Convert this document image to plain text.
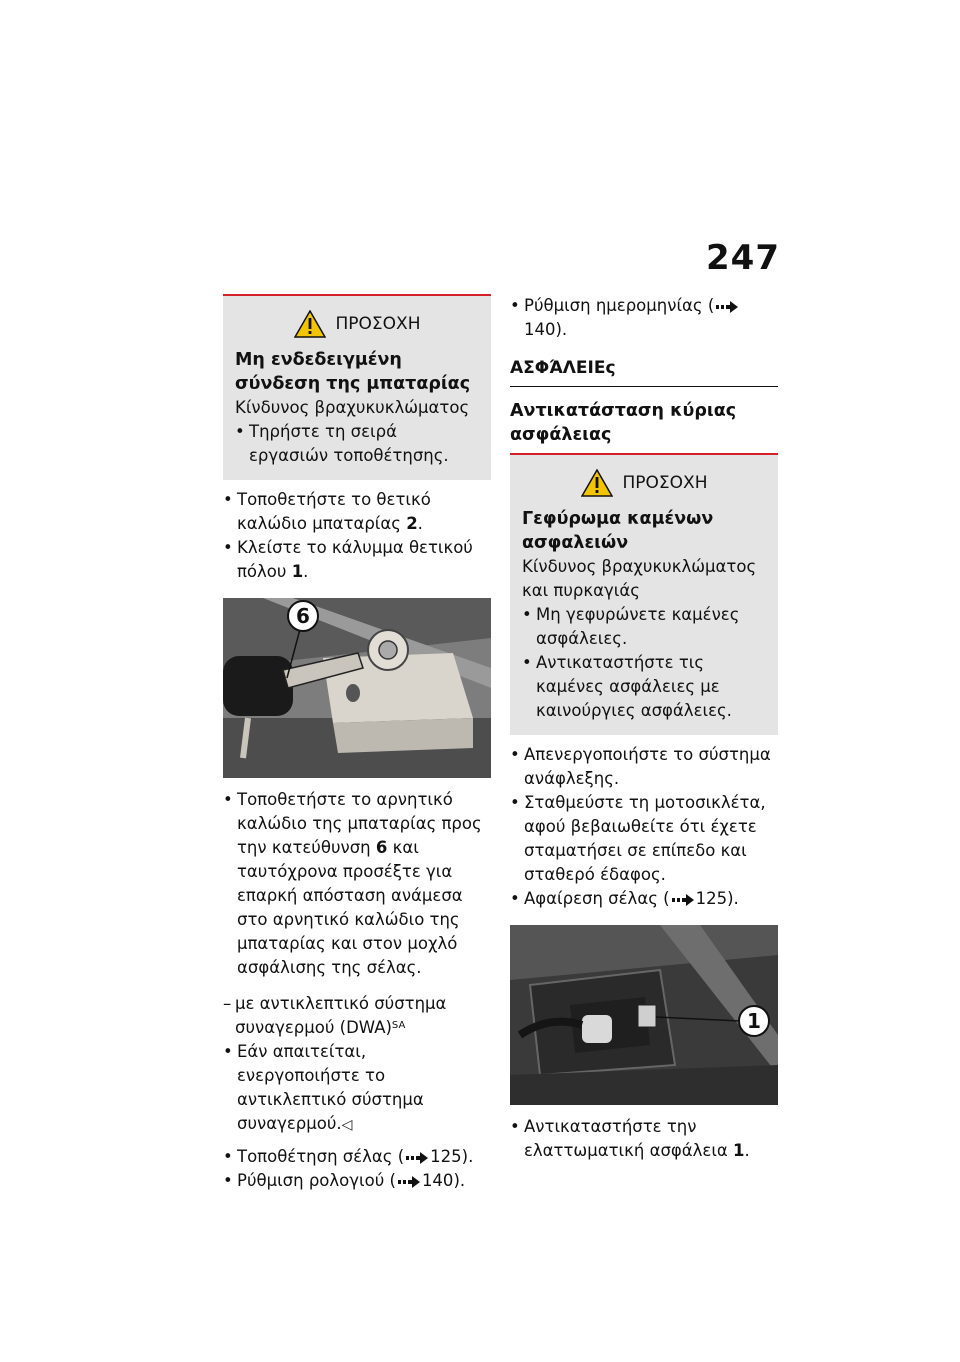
247
ΠΡΟΣΟΧΗ
Μη ενδεδειγμένη σύνδεση της μπαταρίας
Κίνδυνος βραχυκυκλώματος
• Τηρήστε τη σειρά εργασιών τοποθέτησης.
• Τοποθετήστε το θετικό καλώδιο μπαταρίας 2.
• Κλείστε το κάλυμμα θετικού πόλου 1.
6
• Τοποθετήστε το αρνητικό καλώδιο της μπαταρίας προς την κατεύθυνση 6 και ταυτόχρονα προσέξτε για επαρκή απόσταση ανάμεσα στο αρνητικό καλώδιο της μπαταρίας και στον μοχλό ασφάλισης της σέλας.
– με αντικλεπτικό σύστημα συναγερμού (DWA)$^{SA}$
• Εάν απαιτείται, ενεργοποιήστε το αντικλεπτικό σύστημα συναγερμού.◁
• Τοποθέτηση σέλας ( 125).
• Ρύθμιση ρολογιού ( 140).
• Ρύθμιση ημερομηνίας (140).
ΑΣΦΆΛΕΙΕς
Αντικατάσταση κύριας ασφάλειας
ΠΡΟΣΟΧΗ
Γεφύρωμα καμένων ασφαλειών
Κίνδυνος βραχυκυκλώματος και πυρκαγιάς
• Μη γεφυρώνετε καμένες ασφάλειες.
• Αντικαταστήστε τις καμένες ασφάλειες με καινούργιες ασφάλειες.
• Απενεργοποιήστε το σύστημα ανάφλεξης.
• Σταθμεύστε τη μοτοσικλέτα, αφού βεβαιωθείτε ότι έχετε σταματήσει σε επίπεδο και σταθερό έδαφος.
• Αφαίρεση σέλας ( 125).
1
• Αντικαταστήστε την ελαττωματική ασφάλεια 1.
